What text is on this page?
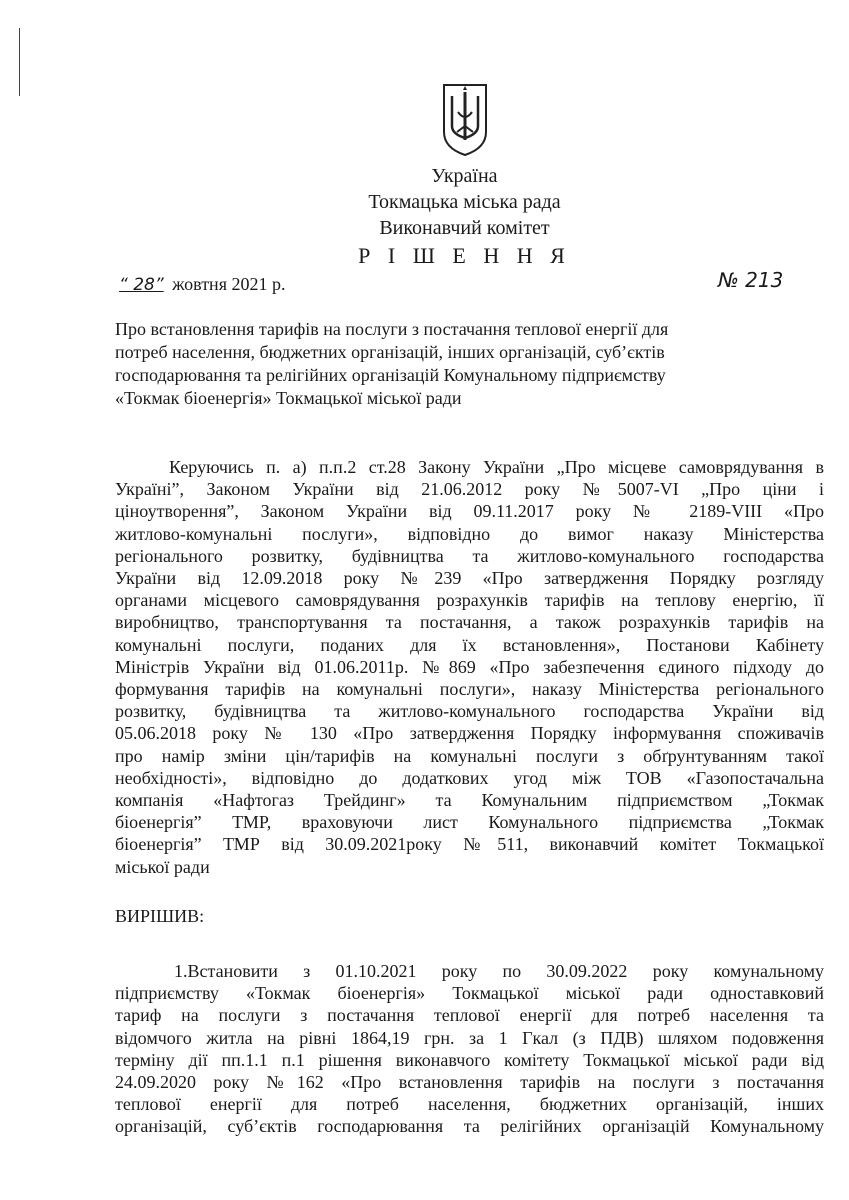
Україна
Токмацька міська рада
Виконавчий комітет
Р І Ш Е Н Н Я
“ 28” жовтня 2021 р.	№ 213
Про встановлення тарифів на послуги з постачання теплової енергії для
потреб населення, бюджетних організацій, інших організацій, суб’єктів
господарювання та релігійних організацій Комунальному підприємству
«Токмак біоенергія» Токмацької міської ради
Керуючись п. а) п.п.2 ст.28 Закону України „Про місцеве самоврядування в
Україні”, Законом України від 21.06.2012 року №5007-VI „Про ціни і
ціноутворення”, Законом України від 09.11.2017 року № 2189-VIII «Про
житлово-комунальні послуги», відповідно до вимог наказу Міністерства
регіонального розвитку, будівництва та житлово-комунального господарства
України від 12.09.2018 року №239 «Про затвердження Порядку розгляду
органами місцевого самоврядування розрахунків тарифів на теплову енергію, її
виробництво, транспортування та постачання, а також розрахунків тарифів на
комунальні послуги, поданих для їх встановлення», Постанови Кабінету
Міністрів України від 01.06.2011р. №869 «Про забезпечення єдиного підходу до
формування тарифів на комунальні послуги», наказу Міністерства регіонального
розвитку, будівництва та житлово-комунального господарства України від
05.06.2018 року № 130 «Про затвердження Порядку інформування споживачів
про намір зміни цін/тарифів на комунальні послуги з обґрунтуванням такої
необхідності», відповідно до додаткових угод між ТОВ «Газопостачальна
компанія «Нафтогаз Трейдинг» та Комунальним підприємством „Токмак
біоенергія” ТМР, враховуючи лист Комунального підприємства „Токмак
біоенергія” ТМР від 30.09.2021року №511, виконавчий комітет Токмацької
міської ради
ВИРІШИВ:
1.Встановити з 01.10.2021 року по 30.09.2022 року комунальному
підприємству «Токмак біоенергія» Токмацької міської ради одноставковий
тариф на послуги з постачання теплової енергії для потреб населення та
відомчого житла на рівні 1864,19 грн. за 1 Гкал (з ПДВ) шляхом подовження
терміну дії пп.1.1 п.1 рішення виконавчого комітету Токмацької міської ради від
24.09.2020 року №162 «Про встановлення тарифів на послуги з постачання
теплової енергії для потреб населення, бюджетних організацій, інших
організацій, суб’єктів господарювання та релігійних організацій Комунальному
